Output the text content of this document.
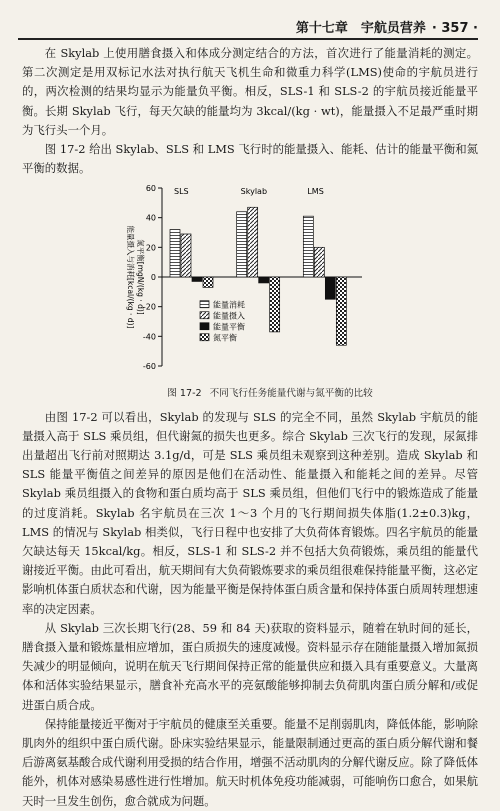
第十七章　宇航员营养 · 357 ·

在 Skylab 上使用膳食摄入和体成分测定结合的方法，首次进行了能量消耗的测定。第二次测定是用双标记水法对执行航天飞机生命和微重力科学(LMS)使命的宇航员进行的，两次检测的结果均显示为能量负平衡。相反，SLS-1 和 SLS-2 的宇航员接近能量平衡。长期 Skylab 飞行，每天欠缺的能量均为 3kcal/(kg · wt)，能量摄入不足最严重时期为飞行头一个月。

图 17-2 给出 Skylab、SLS 和 LMS 飞行时的能量摄入、能耗、估计的能量平衡和氮平衡的数据。

60
40
20
0
-20
-40
-60
能量摄入与消耗[kcal/(kg · d)] 氮平衡[mgN/(kg · d)]
SLS	Skylab	LMS
能量消耗
能量摄入
能量平衡
氮平衡
图 17-2 不同飞行任务能量代谢与氮平衡的比较

由图 17-2 可以看出，Skylab 的发现与 SLS 的完全不同，虽然 Skylab 宇航员的能量摄入高于 SLS 乘员组，但代谢氮的损失也更多。综合 Skylab 三次飞行的发现，尿氮排出量超出飞行前对照期达 3.1g/d，可是 SLS 乘员组未观察到这种差别。造成 Skylab 和 SLS 能量平衡值之间差异的原因是他们在活动性、能量摄入和能耗之间的差异。尽管 Skylab 乘员组摄入的食物和蛋白质均高于 SLS 乘员组，但他们飞行中的锻炼造成了能量的过度消耗。Skylab 名宇航员在三次 1～3 个月的飞行期间损失体脂(1.2±0.3)kg，LMS 的情况与 Skylab 相类似，飞行日程中也安排了大负荷体育锻炼。四名宇航员的能量欠缺达每天 15kcal/kg。相反，SLS-1 和 SLS-2 并不包括大负荷锻炼，乘员组的能量代谢接近平衡。由此可看出，航天期间有大负荷锻炼要求的乘员组很难保持能量平衡，这必定影响机体蛋白质状态和代谢，因为能量平衡是保持体蛋白质含量和保持体蛋白质周转理想速率的决定因素。

从 Skylab 三次长期飞行(28、59 和 84 天)获取的资料显示，随着在轨时间的延长，膳食摄入量和锻炼量相应增加，蛋白质损失的速度减慢。资料显示存在随能量摄入增加氮损失减少的明显倾向，说明在航天飞行期间保持正常的能量供应和摄入具有重要意义。大量离体和活体实验结果显示，膳食补充高水平的亮氨酸能够抑制去负荷肌肉蛋白质分解和/或促进蛋白质合成。

保持能量接近平衡对于宇航员的健康至关重要。能量不足削弱肌肉，降低体能，影响除肌肉外的组织中蛋白质代谢。卧床实验结果显示，能量限制通过更高的蛋白质分解代谢和餐后游离氨基酸合成代谢利用受损的结合作用，增强不活动肌肉的分解代谢反应。除了降低体能外，机体对感染易感性进行性增加。航天时机体免疫功能减弱，可能响伤口愈合，如果航天时一旦发生创伤，愈合就成为问题。
